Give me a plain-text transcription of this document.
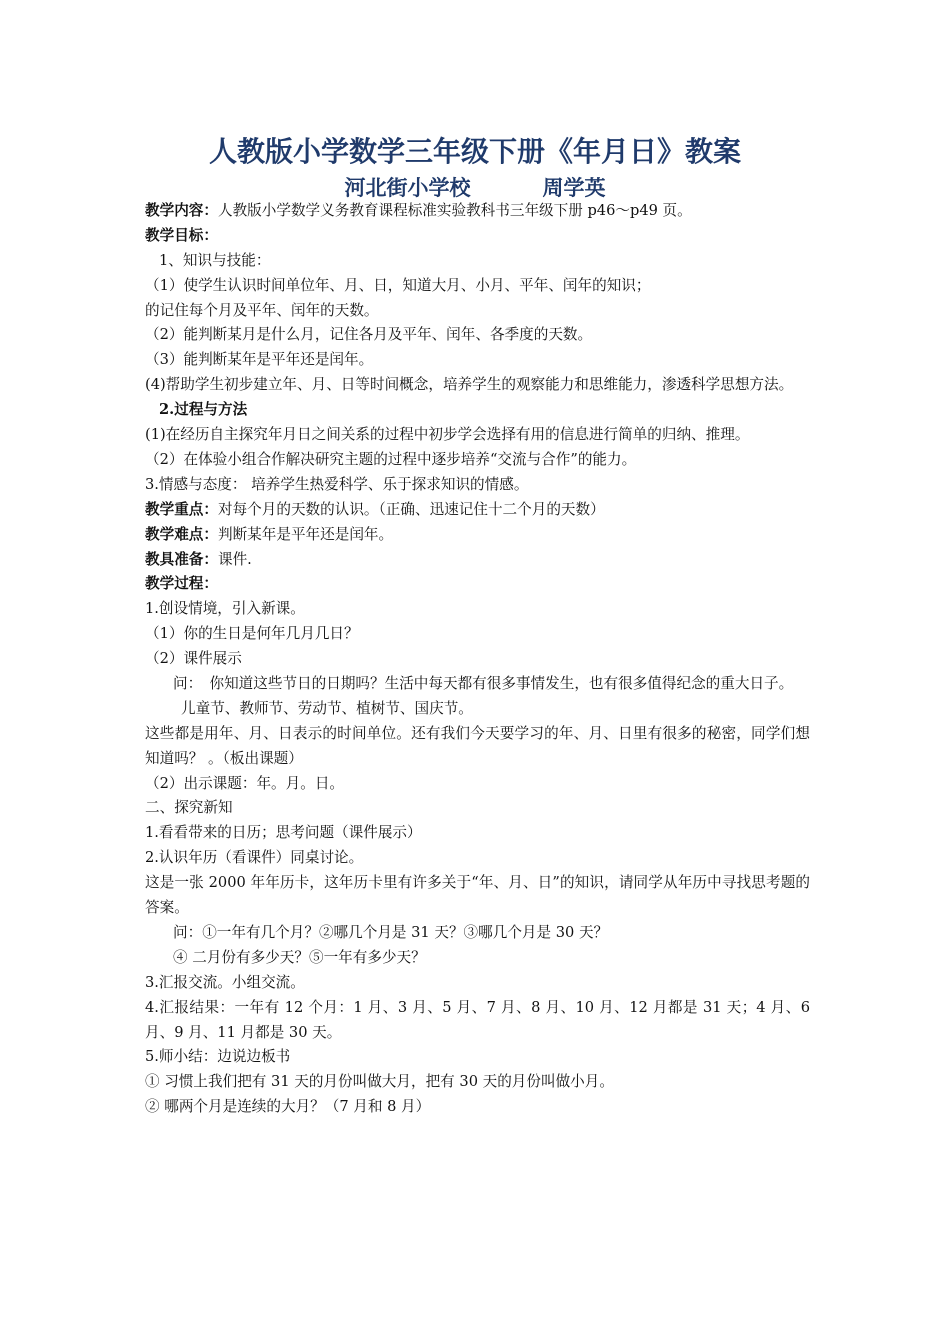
人教版小学数学三年级下册《年月日》教案
河北街小学校	周学英
教学内容：人教版小学数学义务教育课程标准实验教科书三年级下册 p46～p49 页。
教学目标：
1、知识与技能：
（1）使学生认识时间单位年、月、日，知道大月、小月、平年、闰年的知识；
的记住每个月及平年、闰年的天数。
（2）能判断某月是什么月，记住各月及平年、闰年、各季度的天数。
（3）能判断某年是平年还是闰年。
(4)帮助学生初步建立年、月、日等时间概念，培养学生的观察能力和思维能力，渗透科学思想方法。
2.过程与方法
(1)在经历自主探究年月日之间关系的过程中初步学会选择有用的信息进行简单的归纳、推理。
（2）在体验小组合作解决研究主题的过程中逐步培养“交流与合作”的能力。
3.情感与态度： 培养学生热爱科学、乐于探求知识的情感。
教学重点：对每个月的天数的认识。（正确、迅速记住十二个月的天数）
教学难点：判断某年是平年还是闰年。
教具准备：课件.
教学过程：
1.创设情境，引入新课。
（1）你的生日是何年几月几日？
（2）课件展示
问：　你知道这些节日的日期吗？生活中每天都有很多事情发生，也有很多值得纪念的重大日子。
儿童节、教师节、劳动节、植树节、国庆节。
这些都是用年、月、日表示的时间单位。还有我们今天要学习的年、月、日里有很多的秘密，同学们想知道吗？ 。（板出课题）
（2）出示课题：年。月。日。
二、探究新知
1.看看带来的日历；思考问题（课件展示）
2.认识年历（看课件）同桌讨论。
这是一张 2000 年年历卡，这年历卡里有许多关于“年、月、日”的知识，请同学从年历中寻找思考题的答案。
问：①一年有几个月？②哪几个月是 31 天？③哪几个月是 30 天？
④ 二月份有多少天？⑤一年有多少天？
3.汇报交流。小组交流。
4.汇报结果：一年有 12 个月：1 月、3 月、5 月、7 月、8 月、10 月、12 月都是 31 天；4 月、6 月、9 月、11 月都是 30 天。
5.师小结：边说边板书
① 习惯上我们把有 31 天的月份叫做大月，把有 30 天的月份叫做小月。
② 哪两个月是连续的大月？（7 月和 8 月）
